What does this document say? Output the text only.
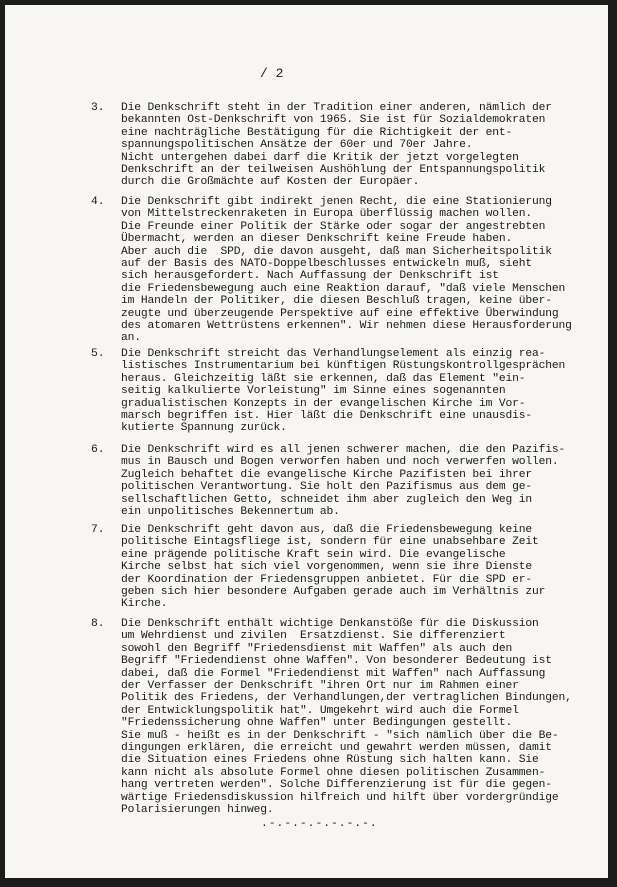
/ 2
3.	Die Denkschrift steht in der Tradition einer anderen, nämlich der
bekannten Ost-Denkschrift von 1965. Sie ist für Sozialdemokraten
eine nachträgliche Bestätigung für die Richtigkeit der ent-
spannungspolitischen Ansätze der 60er und 70er Jahre.
Nicht untergehen dabei darf die Kritik der jetzt vorgelegten
Denkschrift an der teilweisen Aushöhlung der Entspannungspolitik
durch die Großmächte auf Kosten der Europäer.
4.	Die Denkschrift gibt indirekt jenen Recht, die eine Stationierung
von Mittelstreckenraketen in Europa überflüssig machen wollen.
Die Freunde einer Politik der Stärke oder sogar der angestrebten
Übermacht, werden an dieser Denkschrift keine Freude haben.
Aber auch die  SPD, die davon ausgeht, daß man Sicherheitspolitik
auf der Basis des NATO-Doppelbeschlusses entwickeln muß, sieht
sich herausgefordert. Nach Auffassung der Denkschrift ist
die Friedensbewegung auch eine Reaktion darauf, "daß viele Menschen
im Handeln der Politiker, die diesen Beschluß tragen, keine über-
zeugte und überzeugende Perspektive auf eine effektive Überwindung
des atomaren Wettrüstens erkennen". Wir nehmen diese Herausforderung
an.
5.	Die Denkschrift streicht das Verhandlungselement als einzig rea-
listisches Instrumentarium bei künftigen Rüstungskontrollgesprächen
heraus. Gleichzeitig läßt sie erkennen, daß das Element "ein-
seitig kalkulierte Vorleistung" im Sinne eines sogenannten
gradualistischen Konzepts in der evangelischen Kirche im Vor-
marsch begriffen ist. Hier läßt die Denkschrift eine unausdis-
kutierte Spannung zurück.
6.	Die Denkschrift wird es all jenen schwerer machen, die den Pazifis-
mus in Bausch und Bogen verworfen haben und noch verwerfen wollen.
Zugleich behaftet die evangelische Kirche Pazifisten bei ihrer
politischen Verantwortung. Sie holt den Pazifismus aus dem ge-
sellschaftlichen Getto, schneidet ihm aber zugleich den Weg in
ein unpolitisches Bekennertum ab.
7.	Die Denkschrift geht davon aus, daß die Friedensbewegung keine
politische Eintagsfliege ist, sondern für eine unabsehbare Zeit
eine prägende politische Kraft sein wird. Die evangelische
Kirche selbst hat sich viel vorgenommen, wenn sie ihre Dienste
der Koordination der Friedensgruppen anbietet. Für die SPD er-
geben sich hier besondere Aufgaben gerade auch im Verhältnis zur
Kirche.
8.	Die Denkschrift enthält wichtige Denkanstöße für die Diskussion
um Wehrdienst und zivilen  Ersatzdienst. Sie differenziert
sowohl den Begriff "Friedensdienst mit Waffen" als auch den
Begriff "Friedendienst ohne Waffen". Von besonderer Bedeutung ist
dabei, daß die Formel "Friedendienst mit Waffen" nach Auffassung
der Verfasser der Denkschrift "ihren Ort nur im Rahmen einer
Politik des Friedens, der Verhandlungen,der vertraglichen Bindungen,
der Entwicklungspolitik hat". Umgekehrt wird auch die Formel
"Friedenssicherung ohne Waffen" unter Bedingungen gestellt.
Sie muß - heißt es in der Denkschrift - "sich nämlich über die Be-
dingungen erklären, die erreicht und gewahrt werden müssen, damit
die Situation eines Friedens ohne Rüstung sich halten kann. Sie
kann nicht als absolute Formel ohne diesen politischen Zusammen-
hang vertreten werden". Solche Differenzierung ist für die gegen-
wärtige Friedensdiskussion hilfreich und hilft über vordergründige
Polarisierungen hinweg.
.-.-.-.-.-.-.-.
